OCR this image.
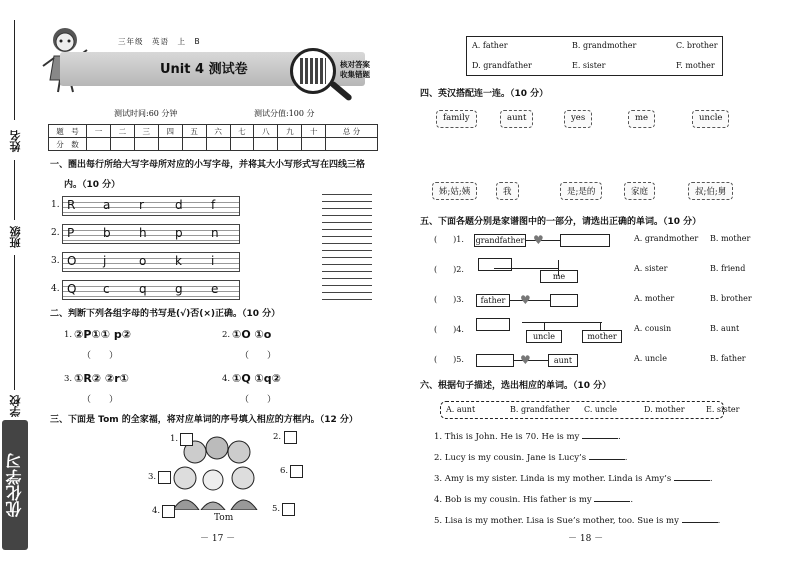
姓名
班级
学校
优化学习
三年级　英语　上　B
Unit 4 测试卷	核对答案
收集错题
测试时间:60 分钟	测试分值:100 分
题　号	一	二	三	四	五	六	七	八	九	十	总 分
分　数											
一、圈出每行所给大写字母所对应的小写字母，并将其大小写形式写在四线三格
内。（10 分）
1. R a r	d f
2. P b h p n
3. O j	o k i
4. Q c q g e
二、判断下列各组字母的书写是(√)否(×)正确。（10 分）
1. ②P①① p②
（　　）
2. ①O ①o
（　　）
3. ①R② ②r①
（　　）
4. ①Q ①q②
（　　）
三、下面是 Tom 的全家福，将对应单词的序号填入相应的方框内。（12 分）
1.	2.
3.
6.
4.	5.
Tom
－ 17 －
A. father	B. grandmother	C. brother
D. grandfather	E. sister	F. mother
四、英汉搭配连一连。（10 分）
family	aunt	yes	me	uncle
姊;姑;姨	我	是;是的	家庭	叔;伯;舅
五、下面各题分别是家谱图中的一部分，请选出正确的单词。（10 分）
(　　)1.	A. grandmother B. mother
grandfather ♥
(　　)2.	A. sister	B. friend
me
(　　)3.	A. mother	B. brother
father	♥
(　　)4.	A. cousin	B. aunt
uncle	mother
(　　)5.	A. uncle	B. father
♥	aunt
六、根据句子描述，选出相应的单词。（10 分）
A. aunt	B. grandfather C. uncle	D. mother	E. sister
1. This is John. He is 70. He is my	.
2. Lucy is my cousin. Jane is Lucy’s	.
3. Amy is my sister. Linda is my mother. Linda is Amy’s	.
4. Bob is my cousin. His father is my	.
5. Lisa is my mother. Lisa is Sue’s mother, too. Sue is my	.
－ 18 －
